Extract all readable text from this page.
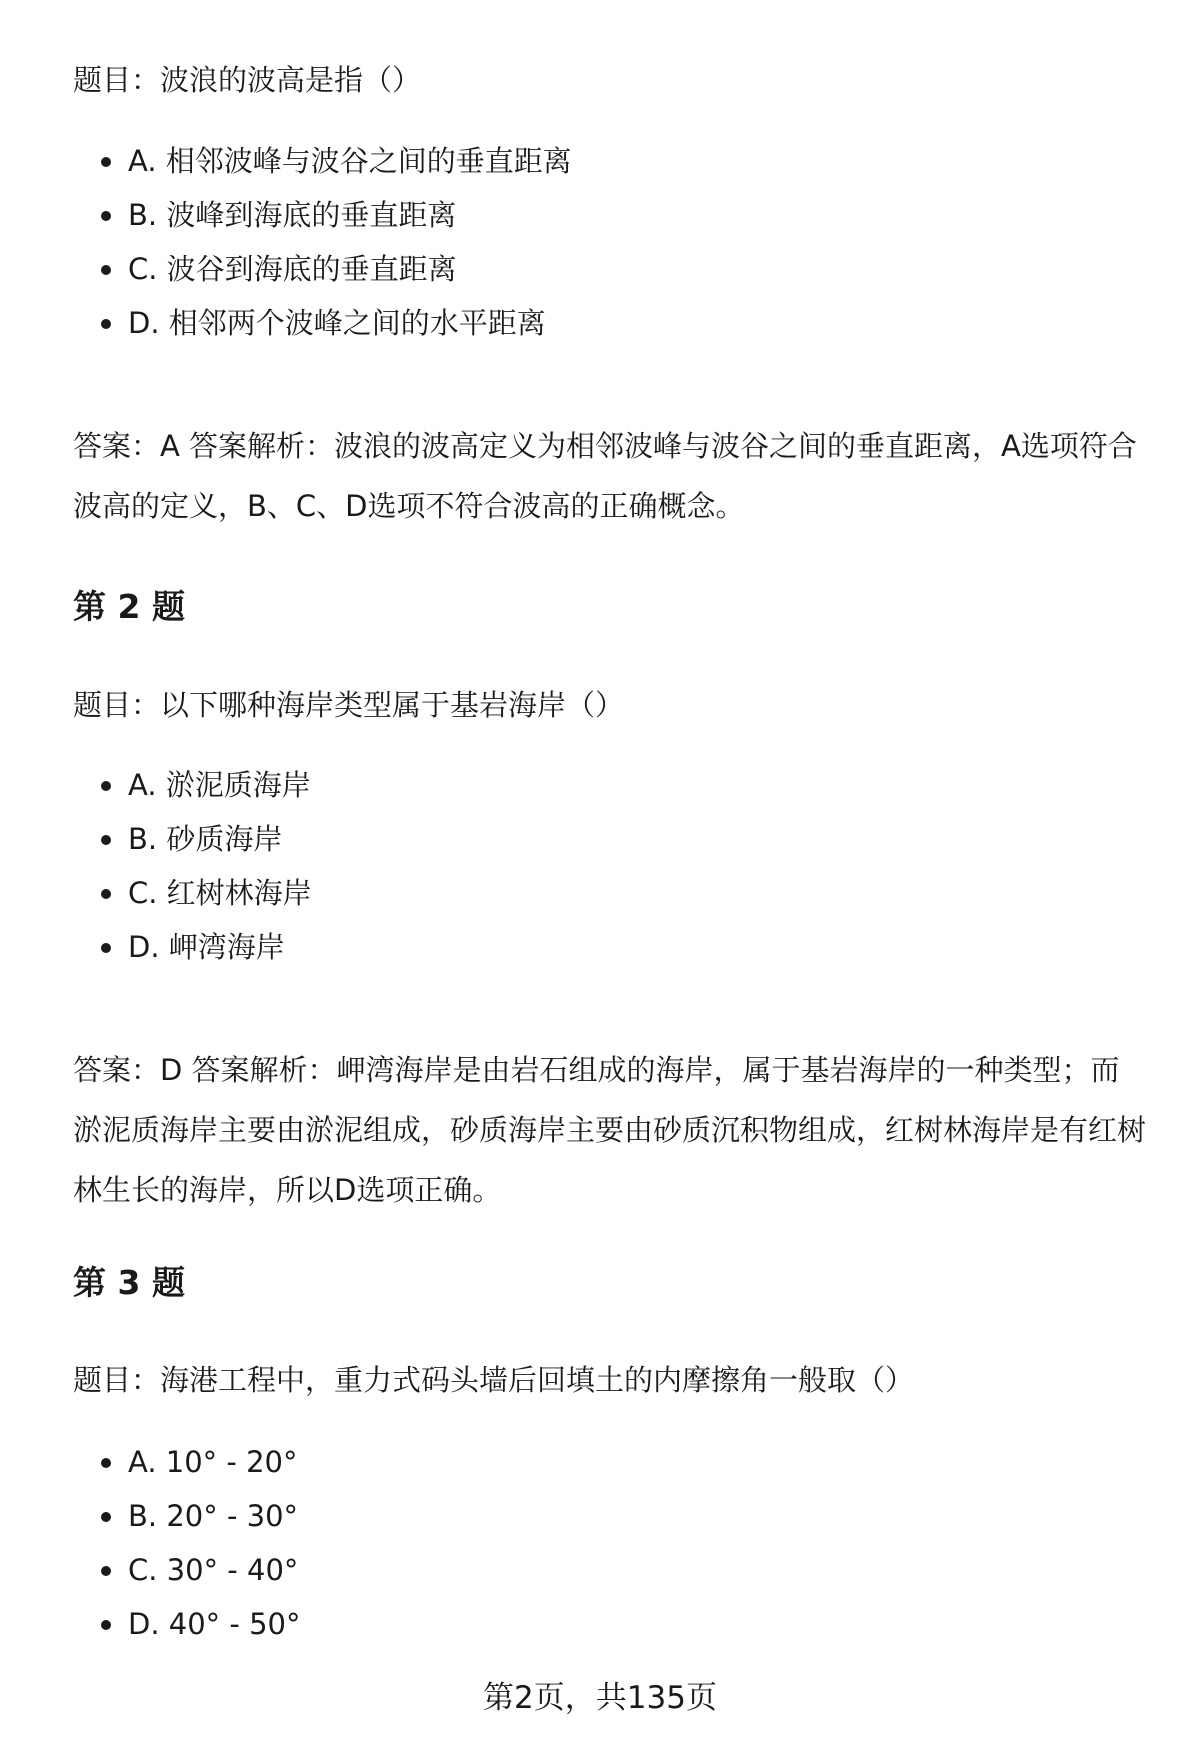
题目：波浪的波高是指（）

A. 相邻波峰与波谷之间的垂直距离
B. 波峰到海底的垂直距离
C. 波谷到海底的垂直距离
D. 相邻两个波峰之间的水平距离

答案：A 答案解析：波浪的波高定义为相邻波峰与波谷之间的垂直距离，A选项符合波高的定义，B、C、D选项不符合波高的正确概念。

第 2 题

题目：以下哪种海岸类型属于基岩海岸（）

A. 淤泥质海岸
B. 砂质海岸
C. 红树林海岸
D. 岬湾海岸

答案：D 答案解析：岬湾海岸是由岩石组成的海岸，属于基岩海岸的一种类型；而淤泥质海岸主要由淤泥组成，砂质海岸主要由砂质沉积物组成，红树林海岸是有红树林生长的海岸，所以D选项正确。

第 3 题

题目：海港工程中，重力式码头墙后回填土的内摩擦角一般取（）

A. 10° - 20°
B. 20° - 30°
C. 30° - 40°
D. 40° - 50°
第2页，共135页
